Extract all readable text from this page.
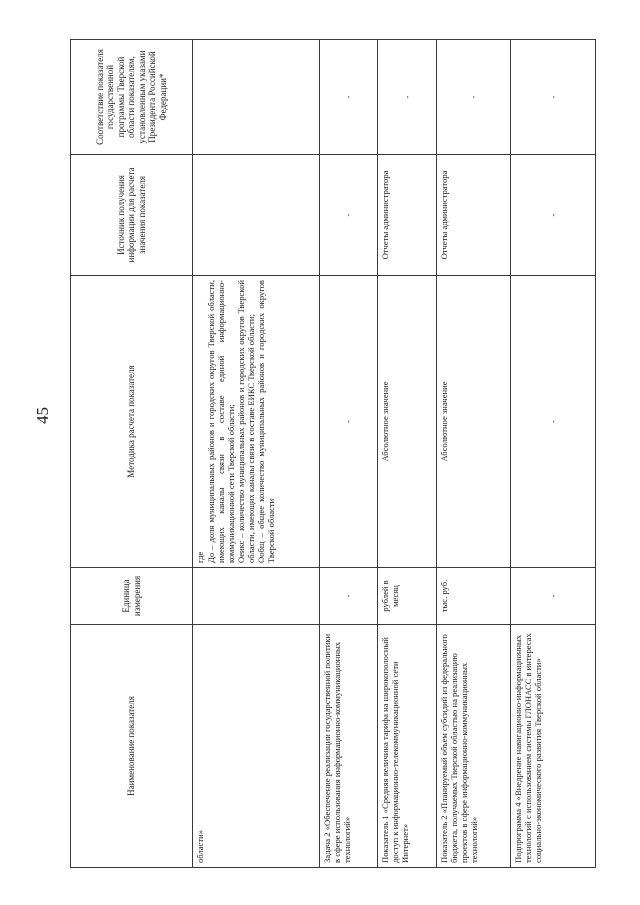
45
Наименование показателя	Единица измерения	Методика расчета показателя	Источник получения информации для расчета значения показателя	Соответствие показателя государственной программы Тверской области показателям, установленным указами Президента Российской Федерации*
области»		где До – доля муниципальных районов и городских округов Тверской области, имеющих каналы связи в составе единой информационно-коммуникационной сети Тверской области; Оeикс – количество муниципальных районов и городских округов Тверской области, имеющих каналы связи в составе ЕИКС Тверской области; Ообщ – общее количество муниципальных районов и городских округов Тверской области		

Задача 2 «Обеспечение реализации государственной политики в сфере использования информационно-коммуникационных технологий»	-	-	-	-
Показатель 1 «Средняя величина тарифа на широкополосный доступ к информационно-телекоммуникационной сети Интернет»	рублей в месяц	Абсолютное значение	Отчеты администратора	-
Показатель 2 «Планируемый объем субсидий из федерального бюджета, получаемых Тверской областью на реализацию проектов в сфере информационно-коммуникационных технологий»	тыс. руб.	Абсолютное значение	Отчеты администратора	-
Подпрограмма 4 «Внедрение навигационно-информационных технологий с использованием системы ГЛОНАСС в интересах социально-экономического развития Тверской области»	-	-	-	-
